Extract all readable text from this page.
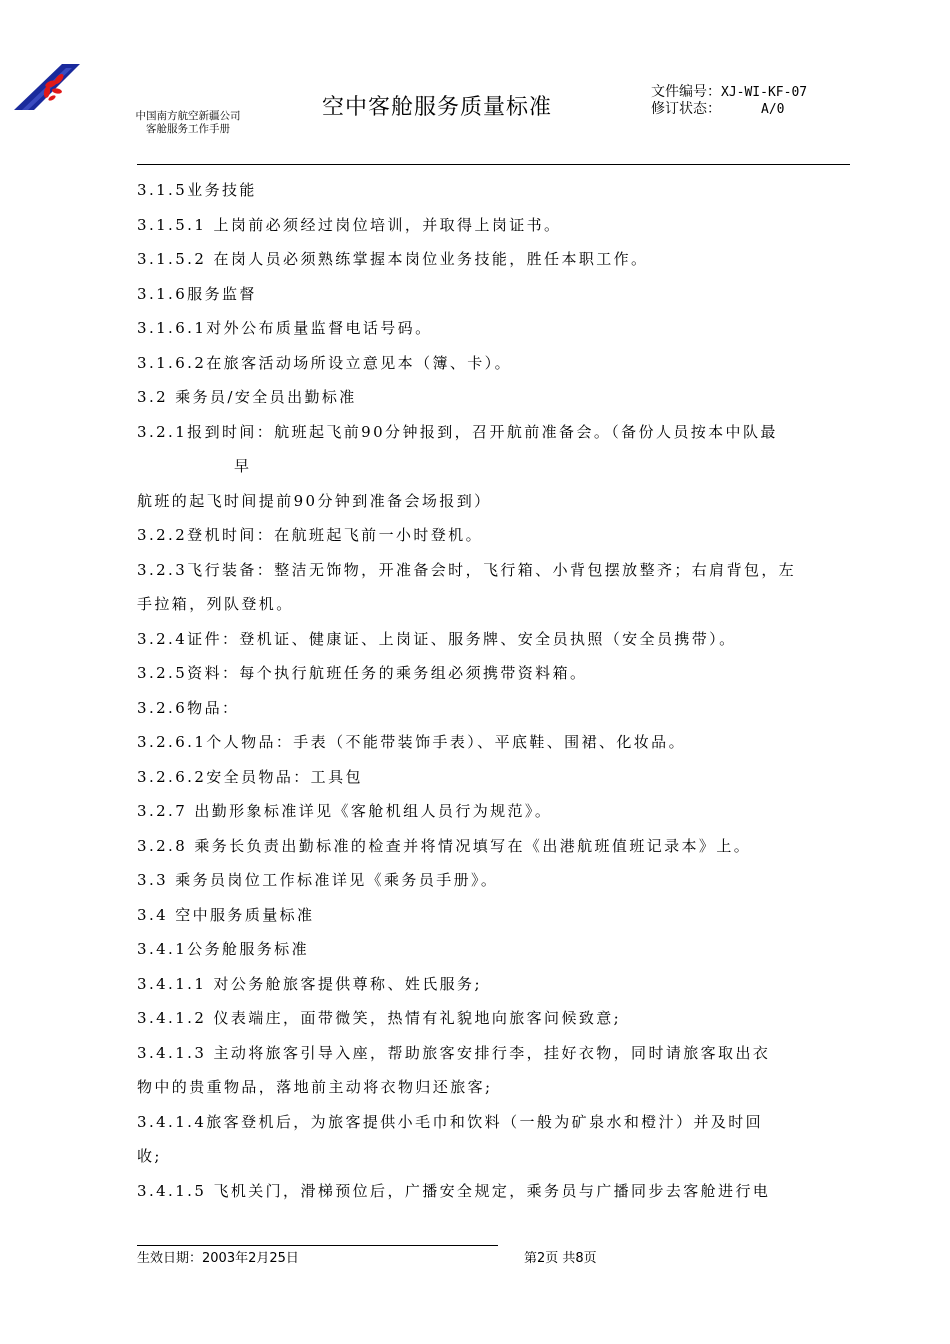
中国南方航空新疆公司
客舱服务工作手册
空中客舱服务质量标准
文件编号：XJ-WI-KF-07
修订状态：	A/0
3.1.5业务技能
3.1.5.1 上岗前必须经过岗位培训，并取得上岗证书。
3.1.5.2 在岗人员必须熟练掌握本岗位业务技能，胜任本职工作。
3.1.6服务监督
3.1.6.1对外公布质量监督电话号码。
3.1.6.2在旅客活动场所设立意见本（簿、卡）。
3.2 乘务员/安全员出勤标准
3.2.1报到时间：航班起飞前90分钟报到，召开航前准备会。（备份人员按本中队最
早
航班的起飞时间提前90分钟到准备会场报到）
3.2.2登机时间：在航班起飞前一小时登机。
3.2.3飞行装备：整洁无饰物，开准备会时，飞行箱、小背包摆放整齐；右肩背包，左
手拉箱，列队登机。
3.2.4证件：登机证、健康证、上岗证、服务牌、安全员执照（安全员携带）。
3.2.5资料：每个执行航班任务的乘务组必须携带资料箱。
3.2.6物品：
3.2.6.1个人物品：手表（不能带装饰手表）、平底鞋、围裙、化妆品。
3.2.6.2安全员物品：工具包
3.2.7 出勤形象标准详见《客舱机组人员行为规范》。
3.2.8 乘务长负责出勤标准的检查并将情况填写在《出港航班值班记录本》上。
3.3 乘务员岗位工作标准详见《乘务员手册》。
3.4 空中服务质量标准
3.4.1公务舱服务标准
3.4.1.1 对公务舱旅客提供尊称、姓氏服务;
3.4.1.2 仪表端庄，面带微笑，热情有礼貌地向旅客问候致意;
3.4.1.3 主动将旅客引导入座，帮助旅客安排行李，挂好衣物，同时请旅客取出衣
物中的贵重物品，落地前主动将衣物归还旅客;
3.4.1.4旅客登机后，为旅客提供小毛巾和饮料（一般为矿泉水和橙汁）并及时回
收;
3.4.1.5 飞机关门，滑梯预位后，广播安全规定，乘务员与广播同步去客舱进行电
生效日期：2003年2月25日	第2页 共8页
